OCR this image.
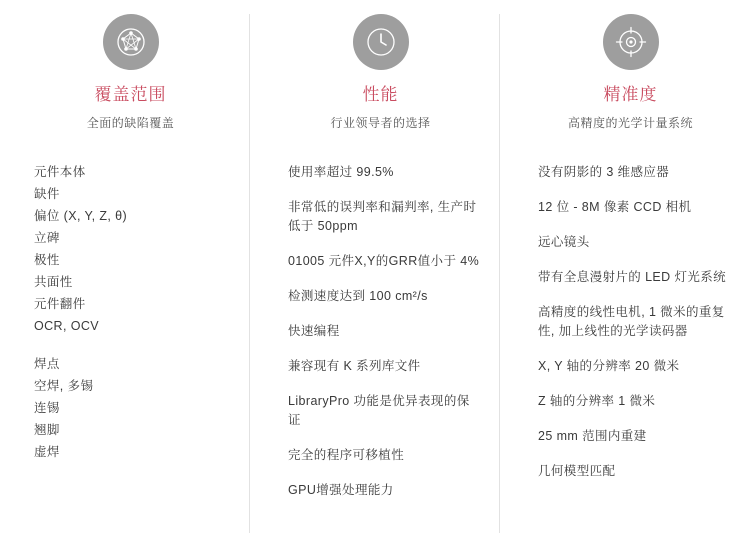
覆盖范围

全面的缺陷覆盖

元件本体
缺件
偏位 (X, Y, Z, θ)
立碑
极性
共面性
元件翻件
OCR, OCV
焊点
空焊, 多锡
连锡
翘脚
虚焊
性能

行业领导者的选择

使用率超过 99.5%
非常低的误判率和漏判率, 生产时低于 50ppm
01005 元件X,Y的GRR值小于 4%
检测速度达到 100 cm²/s
快速编程
兼容现有 K 系列库文件
LibraryPro 功能是优异表现的保证
完全的程序可移植性
GPU增强处理能力
精准度

高精度的光学计量系统

没有阴影的 3 维感应器
12 位 - 8M 像素 CCD 相机
远心镜头
带有全息漫射片的 LED 灯光系统
高精度的线性电机, 1 微米的重复性, 加上线性的光学读码器
X, Y 轴的分辨率 20 微米
Z 轴的分辨率 1 微米
25 mm 范围内重建
几何模型匹配
